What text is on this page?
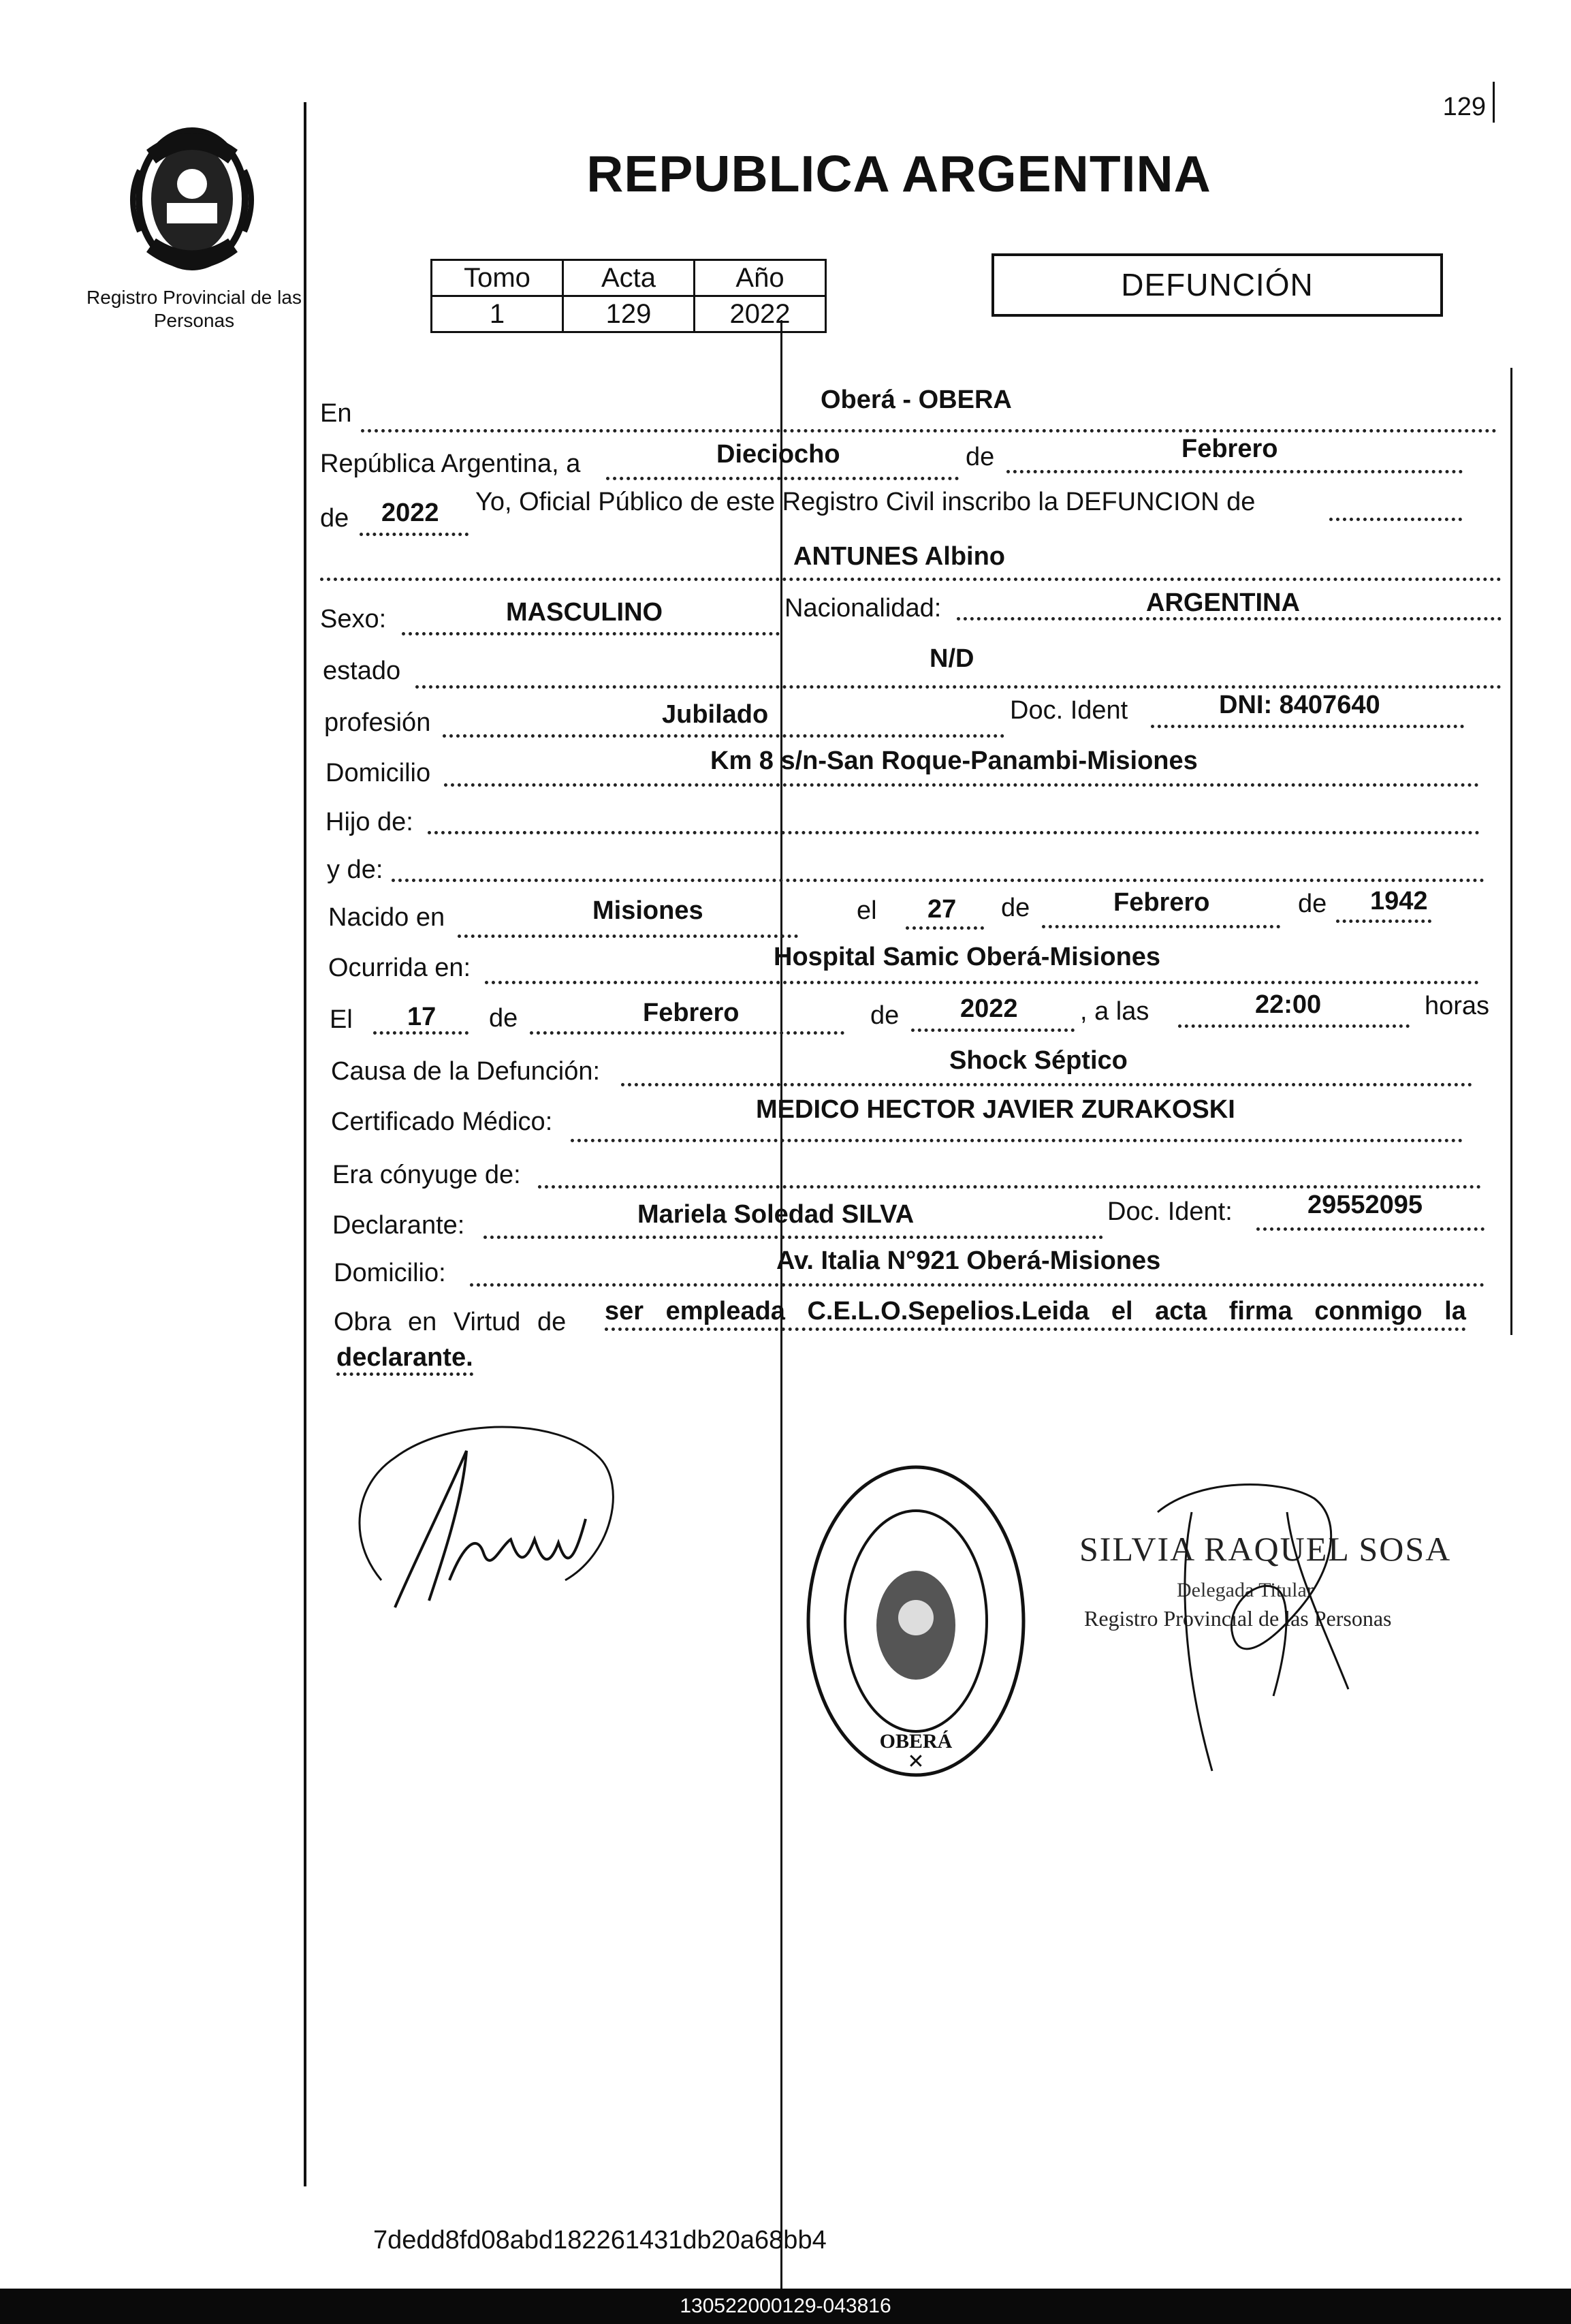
129
Registro Provincial de las Personas
REPUBLICA ARGENTINA
Tomo	Acta	Año
1	129	2022
DEFUNCIÓN
En	Oberá - OBERA
República Argentina, a	Dieciocho	de	Febrero
de 2022 Yo, Oficial Público de este Registro Civil inscribo la DEFUNCION de
ANTUNES Albino
Sexo:	MASCULINO	Nacionalidad:	ARGENTINA
estado	N/D
profesión	Jubilado	Doc. Ident	DNI: 8407640
Domicilio	Km 8 s/n-San Roque-Panambi-Misiones
Hijo de:
y de:
Nacido en	Misiones	el 27 de	Febrero	de 1942
Ocurrida en:	Hospital Samic Oberá-Misiones
El 17 de	Febrero	de 2022 , a las	22:00	horas
Causa de la Defunción:	Shock Séptico
Certificado Médico:	MEDICO HECTOR JAVIER ZURAKOSKI
Era cónyuge de:
Declarante:	Mariela Soledad SILVA	Doc. Ident:	29552095
Domicilio:	Av. Italia N°921 Oberá-Misiones
Obra en Virtud de ser empleada C.E.L.O.Sepelios.Leida el acta firma conmigo la
declarante.
OBERÁ
✕
SILVIA RAQUEL SOSA
Delegada Titular
Registro Provincial de las Personas
7dedd8fd08abd182261431db20a68bb4
130522000129-043816
